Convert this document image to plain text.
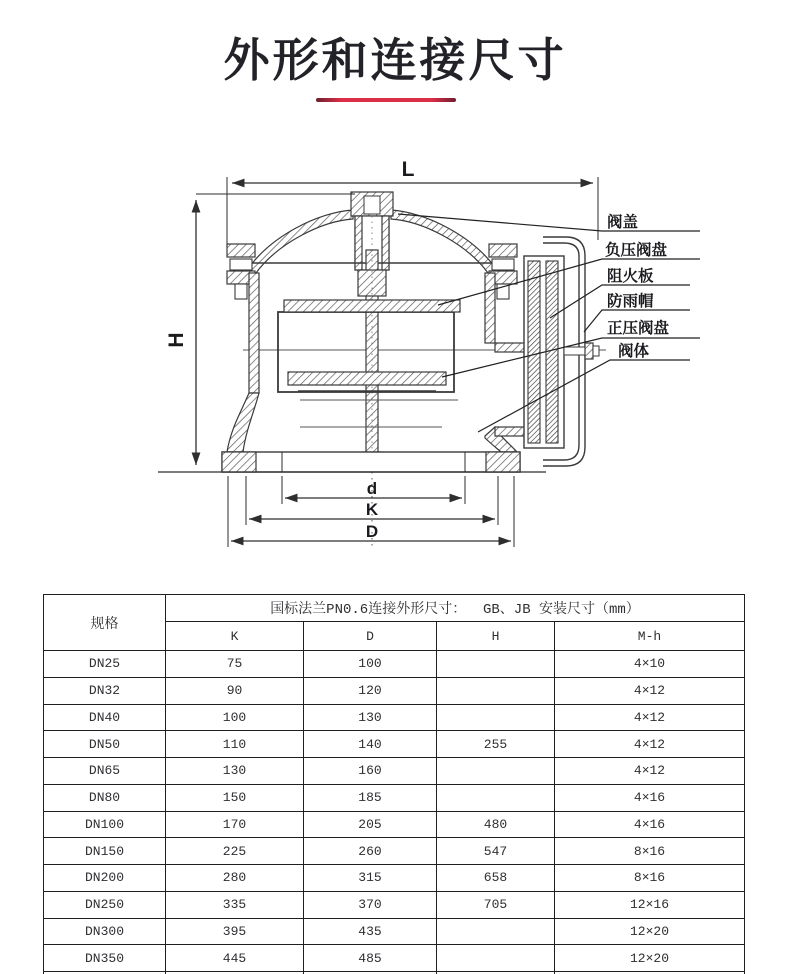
外形和连接尺寸
L
H
d
K
D
阀盖
负压阀盘
阻火板
防雨帽
正压阀盘
阀体
规格	国标法兰PN0.6连接外形尺寸：  GB、JB 安装尺寸（mm）			
	K	D	H	M-h
DN25	75	100		4×10
DN32	90	120		4×12
DN40	100	130		4×12
DN50	110	140	255	4×12
DN65	130	160		4×12
DN80	150	185		4×16
DN100	170	205	480	4×16
DN150	225	260	547	8×16
DN200	280	315	658	8×16
DN250	335	370	705	12×16
DN300	395	435		12×20
DN350	445	485		12×20
